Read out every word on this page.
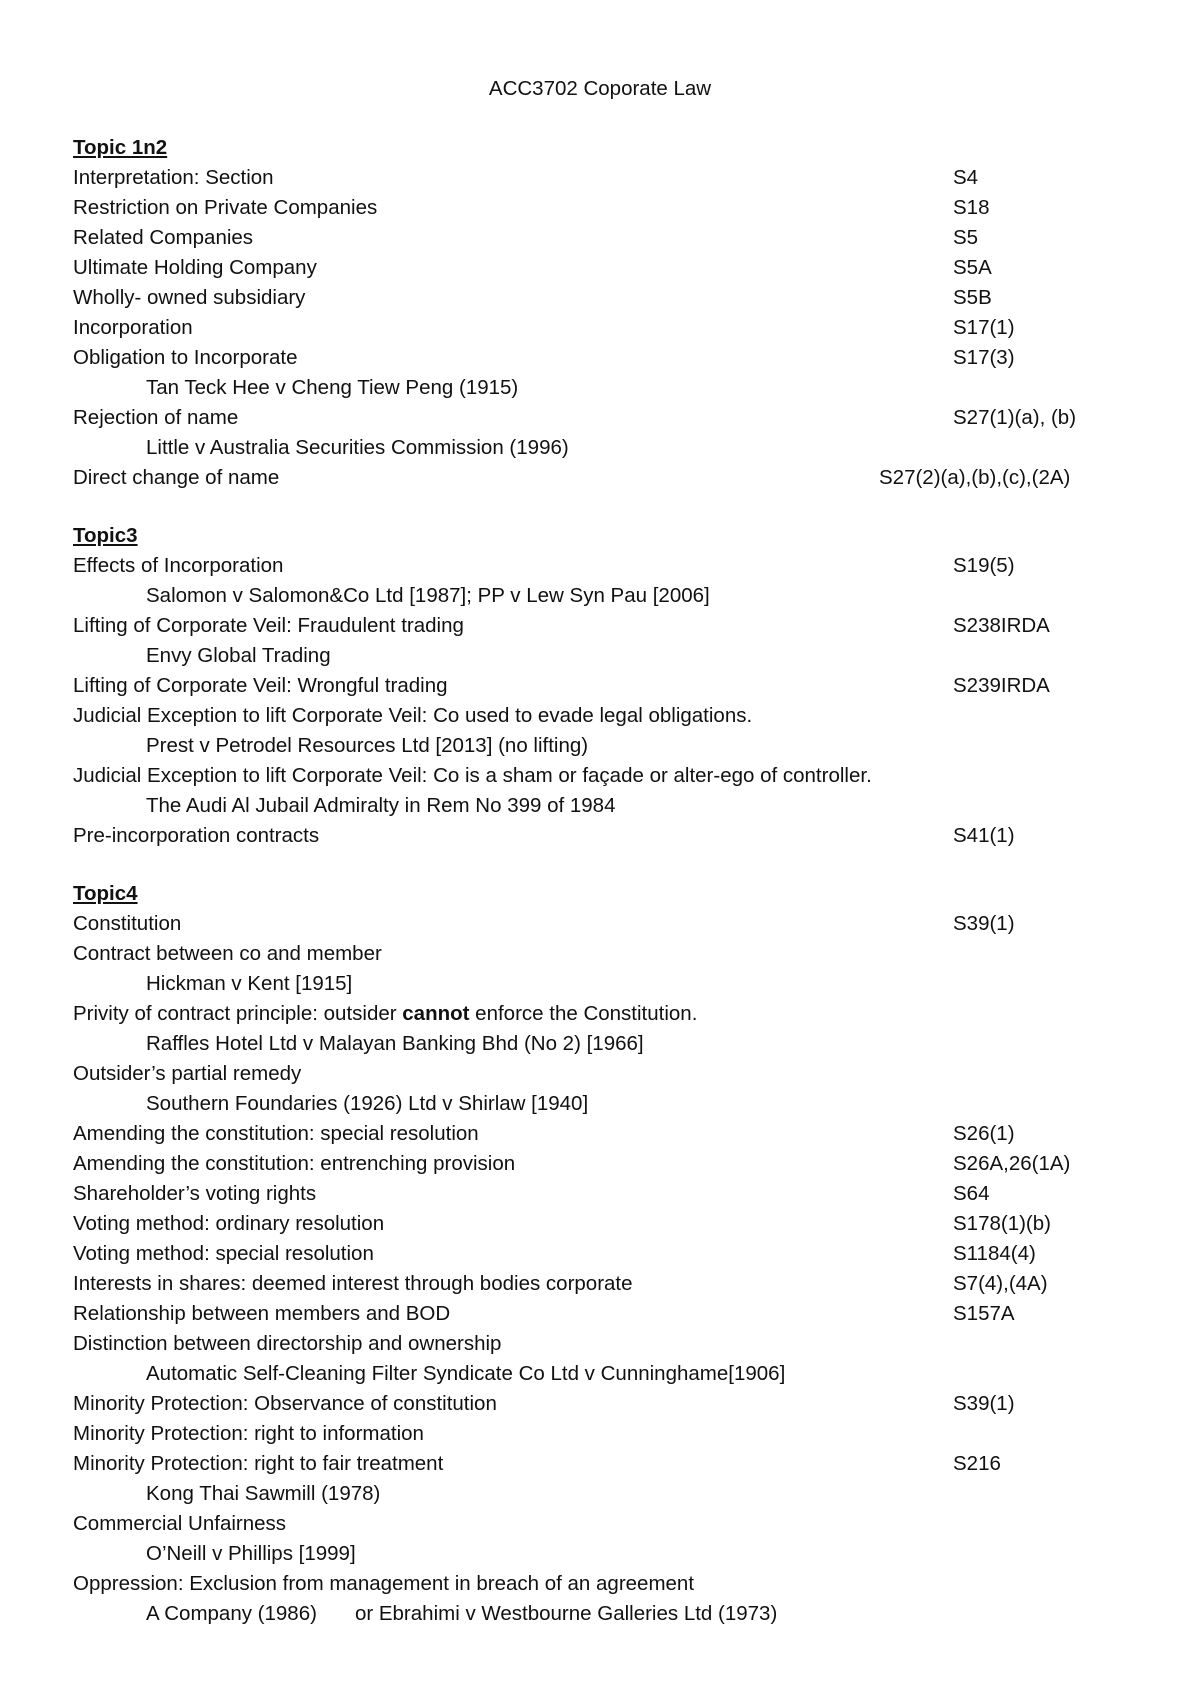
ACC3702 Coporate Law
Topic 1n2
Interpretation: Section	S4
Restriction on Private Companies	S18
Related Companies	S5
Ultimate Holding Company	S5A
Wholly- owned subsidiary	S5B
Incorporation	S17(1)
Obligation to Incorporate	S17(3)
Tan Teck Hee v Cheng Tiew Peng (1915)
Rejection of name	S27(1)(a), (b)
Little v Australia Securities Commission (1996)
Direct change of name	S27(2)(a),(b),(c),(2A)
Topic3
Effects of Incorporation	S19(5)
Salomon v Salomon&Co Ltd [1987]; PP v Lew Syn Pau [2006]
Lifting of Corporate Veil: Fraudulent trading	S238IRDA
Envy Global Trading
Lifting of Corporate Veil: Wrongful trading	S239IRDA
Judicial Exception to lift Corporate Veil: Co used to evade legal obligations.
Prest v Petrodel Resources Ltd [2013] (no lifting)
Judicial Exception to lift Corporate Veil: Co is a sham or façade or alter-ego of controller.
The Audi Al Jubail Admiralty in Rem No 399 of 1984
Pre-incorporation contracts	S41(1)
Topic4
Constitution	S39(1)
Contract between co and member
Hickman v Kent [1915]
Privity of contract principle: outsider cannot enforce the Constitution.
Raffles Hotel Ltd v Malayan Banking Bhd (No 2) [1966]
Outsider’s partial remedy
Southern Foundaries (1926) Ltd v Shirlaw [1940]
Amending the constitution: special resolution	S26(1)
Amending the constitution: entrenching provision	S26A,26(1A)
Shareholder’s voting rights	S64
Voting method: ordinary resolution	S178(1)(b)
Voting method: special resolution	S1184(4)
Interests in shares: deemed interest through bodies corporate	S7(4),(4A)
Relationship between members and BOD	S157A
Distinction between directorship and ownership
Automatic Self-Cleaning Filter Syndicate Co Ltd v Cunninghame[1906]
Minority Protection: Observance of constitution	S39(1)
Minority Protection: right to information
Minority Protection: right to fair treatment	S216
Kong Thai Sawmill (1978)
Commercial Unfairness
O’Neill v Phillips [1999]
Oppression: Exclusion from management in breach of an agreement
A Company (1986) or Ebrahimi v Westbourne Galleries Ltd (1973)
